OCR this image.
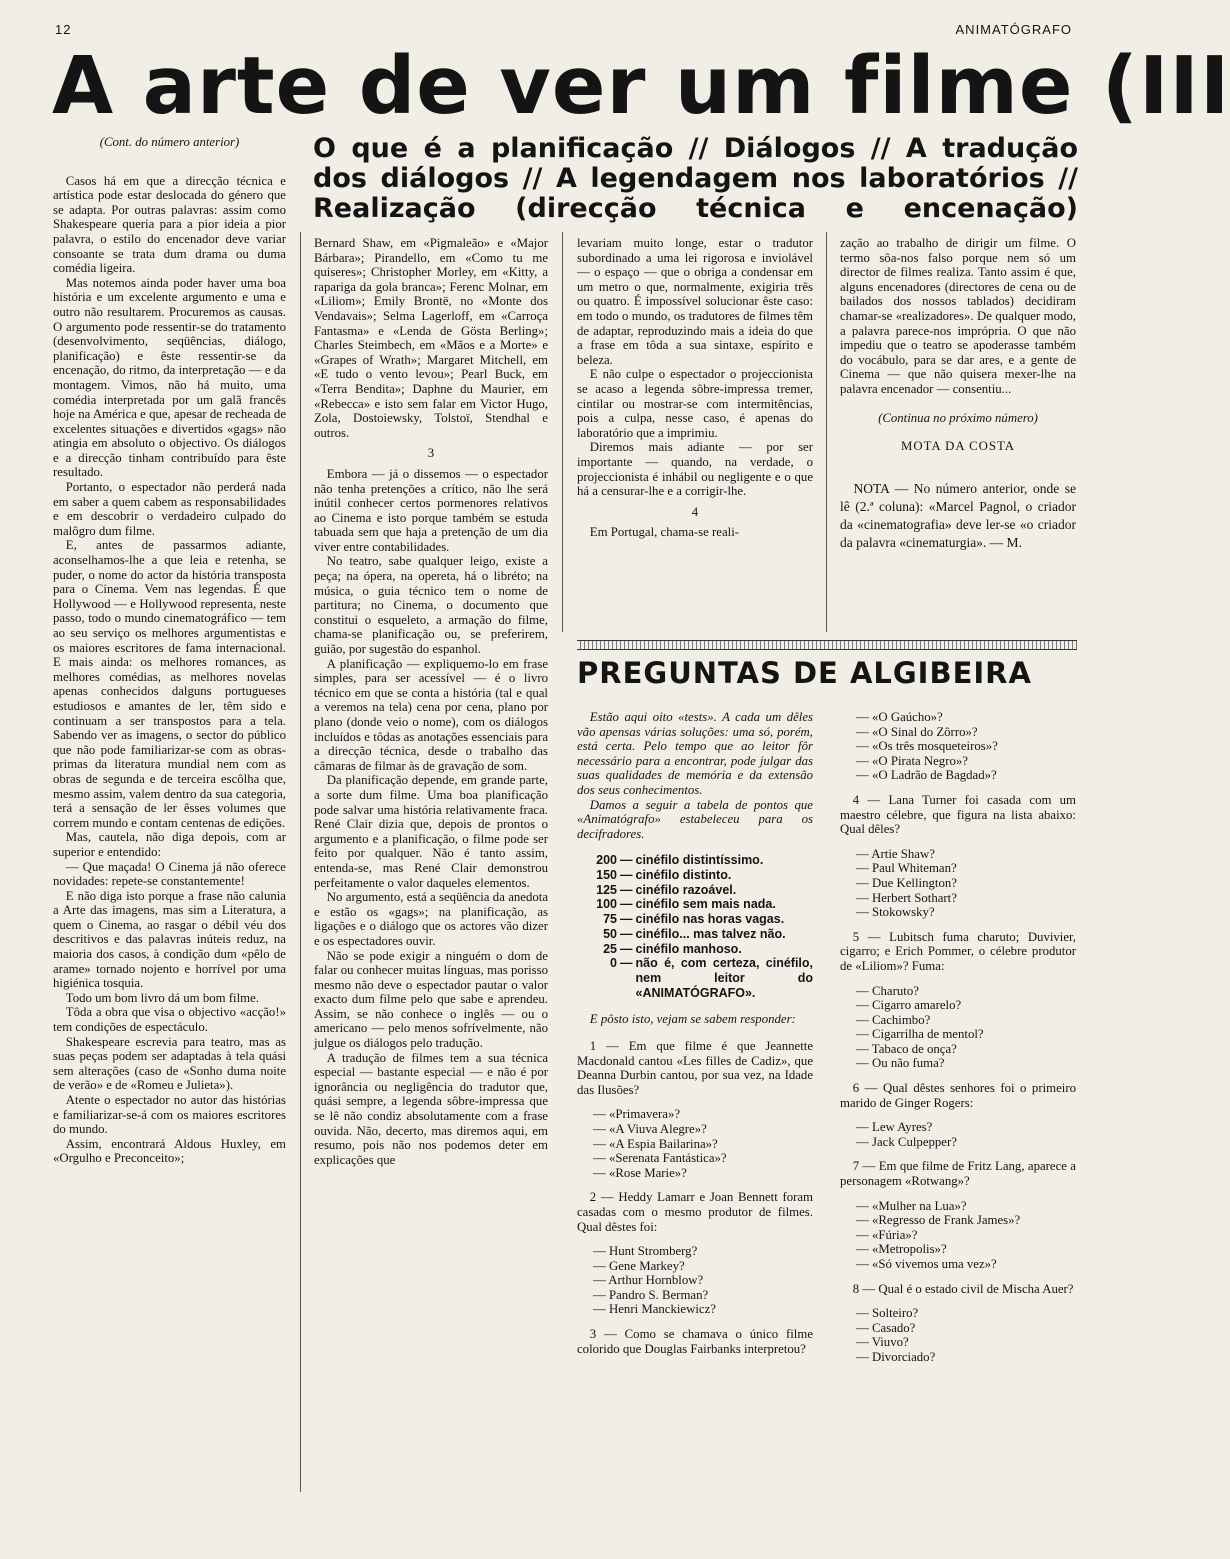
12	ANIMATÓGRAFO
A arte de ver um filme (III
O que é a planificação // Diálogos // A tradução dos diálogos // A legendagem nos laboratórios // Realização (direcção técnica e encenação)

(Cont. do número anterior)

Casos há em que a direcção técnica e artística pode estar deslocada do género que se adapta. Por outras palavras: assim como Shakespeare queria para a pior ideia a pior palavra, o estilo do encenador deve variar consoante se trata dum drama ou duma comédia ligeira.

Mas notemos ainda poder haver uma boa história e um excelente argumento e uma e outro não resultarem. Procuremos as causas. O argumento pode ressentir-se do tratamento (desenvolvimento, seqüências, diálogo, planificação) e êste ressentir-se da encenação, do ritmo, da interpretação — e da montagem. Vimos, não há muito, uma comédia interpretada por um galã francês hoje na América e que, apesar de recheada de excelentes situações e divertidos «gags» não atingia em absoluto o objectivo. Os diálogos e a direcção tinham contribuído para êste resultado.

Portanto, o espectador não perderá nada em saber a quem cabem as responsabilidades e em descobrir o verdadeiro culpado do malôgro dum filme.

E, antes de passarmos adiante, aconselhamos-lhe a que leia e retenha, se puder, o nome do actor da história transposta para o Cinema. Vem nas legendas. É que Hollywood — e Hollywood representa, neste passo, todo o mundo cinematográfico — tem ao seu serviço os melhores argumentistas e os maiores escritores de fama internacional. E mais ainda: os melhores romances, as melhores comédias, as melhores novelas apenas conhecidos dalguns portugueses estudiosos e amantes de ler, têm sido e continuam a ser transpostos para a tela. Sabendo ver as imagens, o sector do público que não pode familiarizar-se com as obras-primas da literatura mundial nem com as obras de segunda e de terceira escôlha que, mesmo assim, valem dentro da sua categoria, terá a sensação de ler êsses volumes que correm mundo e contam centenas de edições.

Mas, cautela, não diga depois, com ar superior e entendido:

— Que maçada! O Cinema já não oferece novidades: repete-se constantemente!

E não diga isto porque a frase não calunia a Arte das imagens, mas sim a Literatura, a quem o Cinema, ao rasgar o débil véu dos descritivos e das palavras inúteis reduz, na maioria dos casos, à condição dum «pêlo de arame» tornado nojento e horrível por uma higiénica tosquia.

Todo um bom livro dá um bom filme.

Tôda a obra que visa o objectivo «acção!» tem condições de espectáculo.

Shakespeare escrevia para teatro, mas as suas peças podem ser adaptadas à tela quási sem alterações (caso de «Sonho duma noite de verão» e de «Romeu e Julieta»).

Atente o espectador no autor das histórias e familiarizar-se-á com os maiores escritores do mundo.

Assim, encontrará Aldous Huxley, em «Orgulho e Preconceito»;

Bernard Shaw, em «Pigmaleão» e «Major Bárbara»; Pirandello, em «Como tu me quiseres»; Christopher Morley, em «Kitty, a rapariga da gola branca»; Ferenc Molnar, em «Liliom»; Emily Brontë, no «Monte dos Vendavais»; Selma Lagerloff, em «Carroça Fantasma» e «Lenda de Gösta Berling»; Charles Steimbech, em «Mãos e a Morte» e «Grapes of Wrath»; Margaret Mitchell, em «E tudo o vento levou»; Pearl Buck, em «Terra Bendita»; Daphne du Maurier, em «Rebecca» e isto sem falar em Victor Hugo, Zola, Dostoiewsky, Tolstoï, Stendhal e outros.

3

Embora — já o dissemos — o espectador não tenha pretenções a crítico, não lhe será inútil conhecer certos pormenores relativos ao Cinema e isto porque também se estuda tabuada sem que haja a pretenção de um dia viver entre contabilidades.

No teatro, sabe qualquer leigo, existe a peça; na ópera, na opereta, há o libréto; na música, o guia técnico tem o nome de partitura; no Cinema, o documento que constitui o esqueleto, a armação do filme, chama-se planificação ou, se preferirem, guião, por sugestão do espanhol.

A planificação — expliquemo-lo em frase simples, para ser acessível — é o livro técnico em que se conta a história (tal e qual a veremos na tela) cena por cena, plano por plano (donde veio o nome), com os diálogos incluídos e tôdas as anotações essenciais para a direcção técnica, desde o trabalho das câmaras de filmar às de gravação de som.

Da planificação depende, em grande parte, a sorte dum filme. Uma boa planificação pode salvar uma história relativamente fraca. René Clair dizia que, depois de prontos o argumento e a planificação, o filme pode ser feito por qualquer. Não é tanto assim, entenda-se, mas René Clair demonstrou perfeitamente o valor daqueles elementos.

No argumento, está a seqüência da anedota e estão os «gags»; na planificação, as ligações e o diálogo que os actores vão dizer e os espectadores ouvir.

Não se pode exigir a ninguém o dom de falar ou conhecer muitas línguas, mas porisso mesmo não deve o espectador pautar o valor exacto dum filme pelo que sabe e aprendeu. Assim, se não conhece o inglês — ou o americano — pelo menos sofrívelmente, não julgue os diálogos pelo tradução.

A tradução de filmes tem a sua técnica especial — bastante especial — e não é por ignorância ou negligência do tradutor que, quási sempre, a legenda sôbre-impressa que se lê não condiz absolutamente com a frase ouvida. Não, decerto, mas diremos aqui, em resumo, pois não nos podemos deter em explicações que

levariam muito longe, estar o tradutor subordinado a uma lei rigorosa e inviolável — o espaço — que o obriga a condensar em um metro o que, normalmente, exigiria três ou quatro. É impossível solucionar êste caso: em todo o mundo, os tradutores de filmes têm de adaptar, reproduzindo mais a ideia do que a frase em tôda a sua sintaxe, espírito e beleza.

E não culpe o espectador o projeccionista se acaso a legenda sôbre-impressa tremer, cintilar ou mostrar-se com intermitências, pois a culpa, nesse caso, é apenas do laboratório que a imprimiu.

Diremos mais adiante — por ser importante — quando, na verdade, o projeccionista é inhábil ou negligente e o que há a censurar-lhe e a corrigir-lhe.

4

Em Portugal, chama-se reali-

zação ao trabalho de dirigir um filme. O termo sôa-nos falso porque nem só um director de filmes realiza. Tanto assim é que, alguns encenadores (directores de cena ou de bailados dos nossos tablados) decidiram chamar-se «realizadores». De qualquer modo, a palavra parece-nos imprópria. O que não impediu que o teatro se apoderasse também do vocábulo, para se dar ares, e a gente de Cinema — que não quisera mexer-lhe na palavra encenador — consentiu...

(Continua no próximo número)

MOTA DA COSTA

NOTA — No número anterior, onde se lê (2.ª coluna): «Marcel Pagnol, o criador da «cinematografia» deve ler-se «o criador da palavra «cinematurgia». — M.

PREGUNTAS DE ALGIBEIRA

Estão aqui oito «tests». A cada um dêles vão apensas várias soluções: uma só, porém, está certa. Pelo tempo que ao leitor fôr necessário para a encontrar, pode julgar das suas qualidades de memória e da extensão dos seus conhecimentos.

Damos a seguir a tabela de pontos que «Animatógrafo» estabeleceu para os decifradores.

200 — cinéfilo distintíssimo.
150 — cinéfilo distinto.
125 — cinéfilo razoável.
100 — cinéfilo sem mais nada.
75 — cinéfilo nas horas vagas.
50 — cinéfilo... mas talvez não.
25 — cinéfilo manhoso.
0 — não é, com certeza, cinéfilo, nem leitor do «ANIMATÓGRAFO».

E pôsto isto, vejam se sabem responder:

1 — Em que filme é que Jeannette Macdonald cantou «Les filles de Cadiz», que Deanna Durbin cantou, por sua vez, na Idade das Ilusões?

— «Primavera»?
— «A Viuva Alegre»?
— «A Espia Bailarina»?
— «Serenata Fantástica»?
— «Rose Marie»?

2 — Heddy Lamarr e Joan Bennett foram casadas com o mesmo produtor de filmes. Qual dêstes foi:

— Hunt Stromberg?
— Gene Markey?
— Arthur Hornblow?
— Pandro S. Berman?
— Henri Manckiewicz?

3 — Como se chamava o único filme colorido que Douglas Fairbanks interpretou?

— «O Gaúcho»?
— «O Sinal do Zôrro»?
— «Os três mosqueteiros»?
— «O Pirata Negro»?
— «O Ladrão de Bagdad»?

4 — Lana Turner foi casada com um maestro célebre, que figura na lista abaixo: Qual dêles?

— Artie Shaw?
— Paul Whiteman?
— Due Kellington?
— Herbert Sothart?
— Stokowsky?

5 — Lubitsch fuma charuto; Duvivier, cigarro; e Erich Pommer, o célebre produtor de «Liliom»? Fuma:

— Charuto?
— Cigarro amarelo?
— Cachimbo?
— Cigarrilha de mentol?
— Tabaco de onça?
— Ou não fuma?

6 — Qual dêstes senhores foi o primeiro marido de Ginger Rogers:

— Lew Ayres?
— Jack Culpepper?

7 — Em que filme de Fritz Lang, aparece a personagem «Rotwang»?

— «Mulher na Lua»?
— «Regresso de Frank James»?
— «Fúria»?
— «Metropolis»?
— «Só vivemos uma vez»?

8 — Qual é o estado civil de Mischa Auer?

— Solteiro?
— Casado?
— Viuvo?
— Divorciado?
